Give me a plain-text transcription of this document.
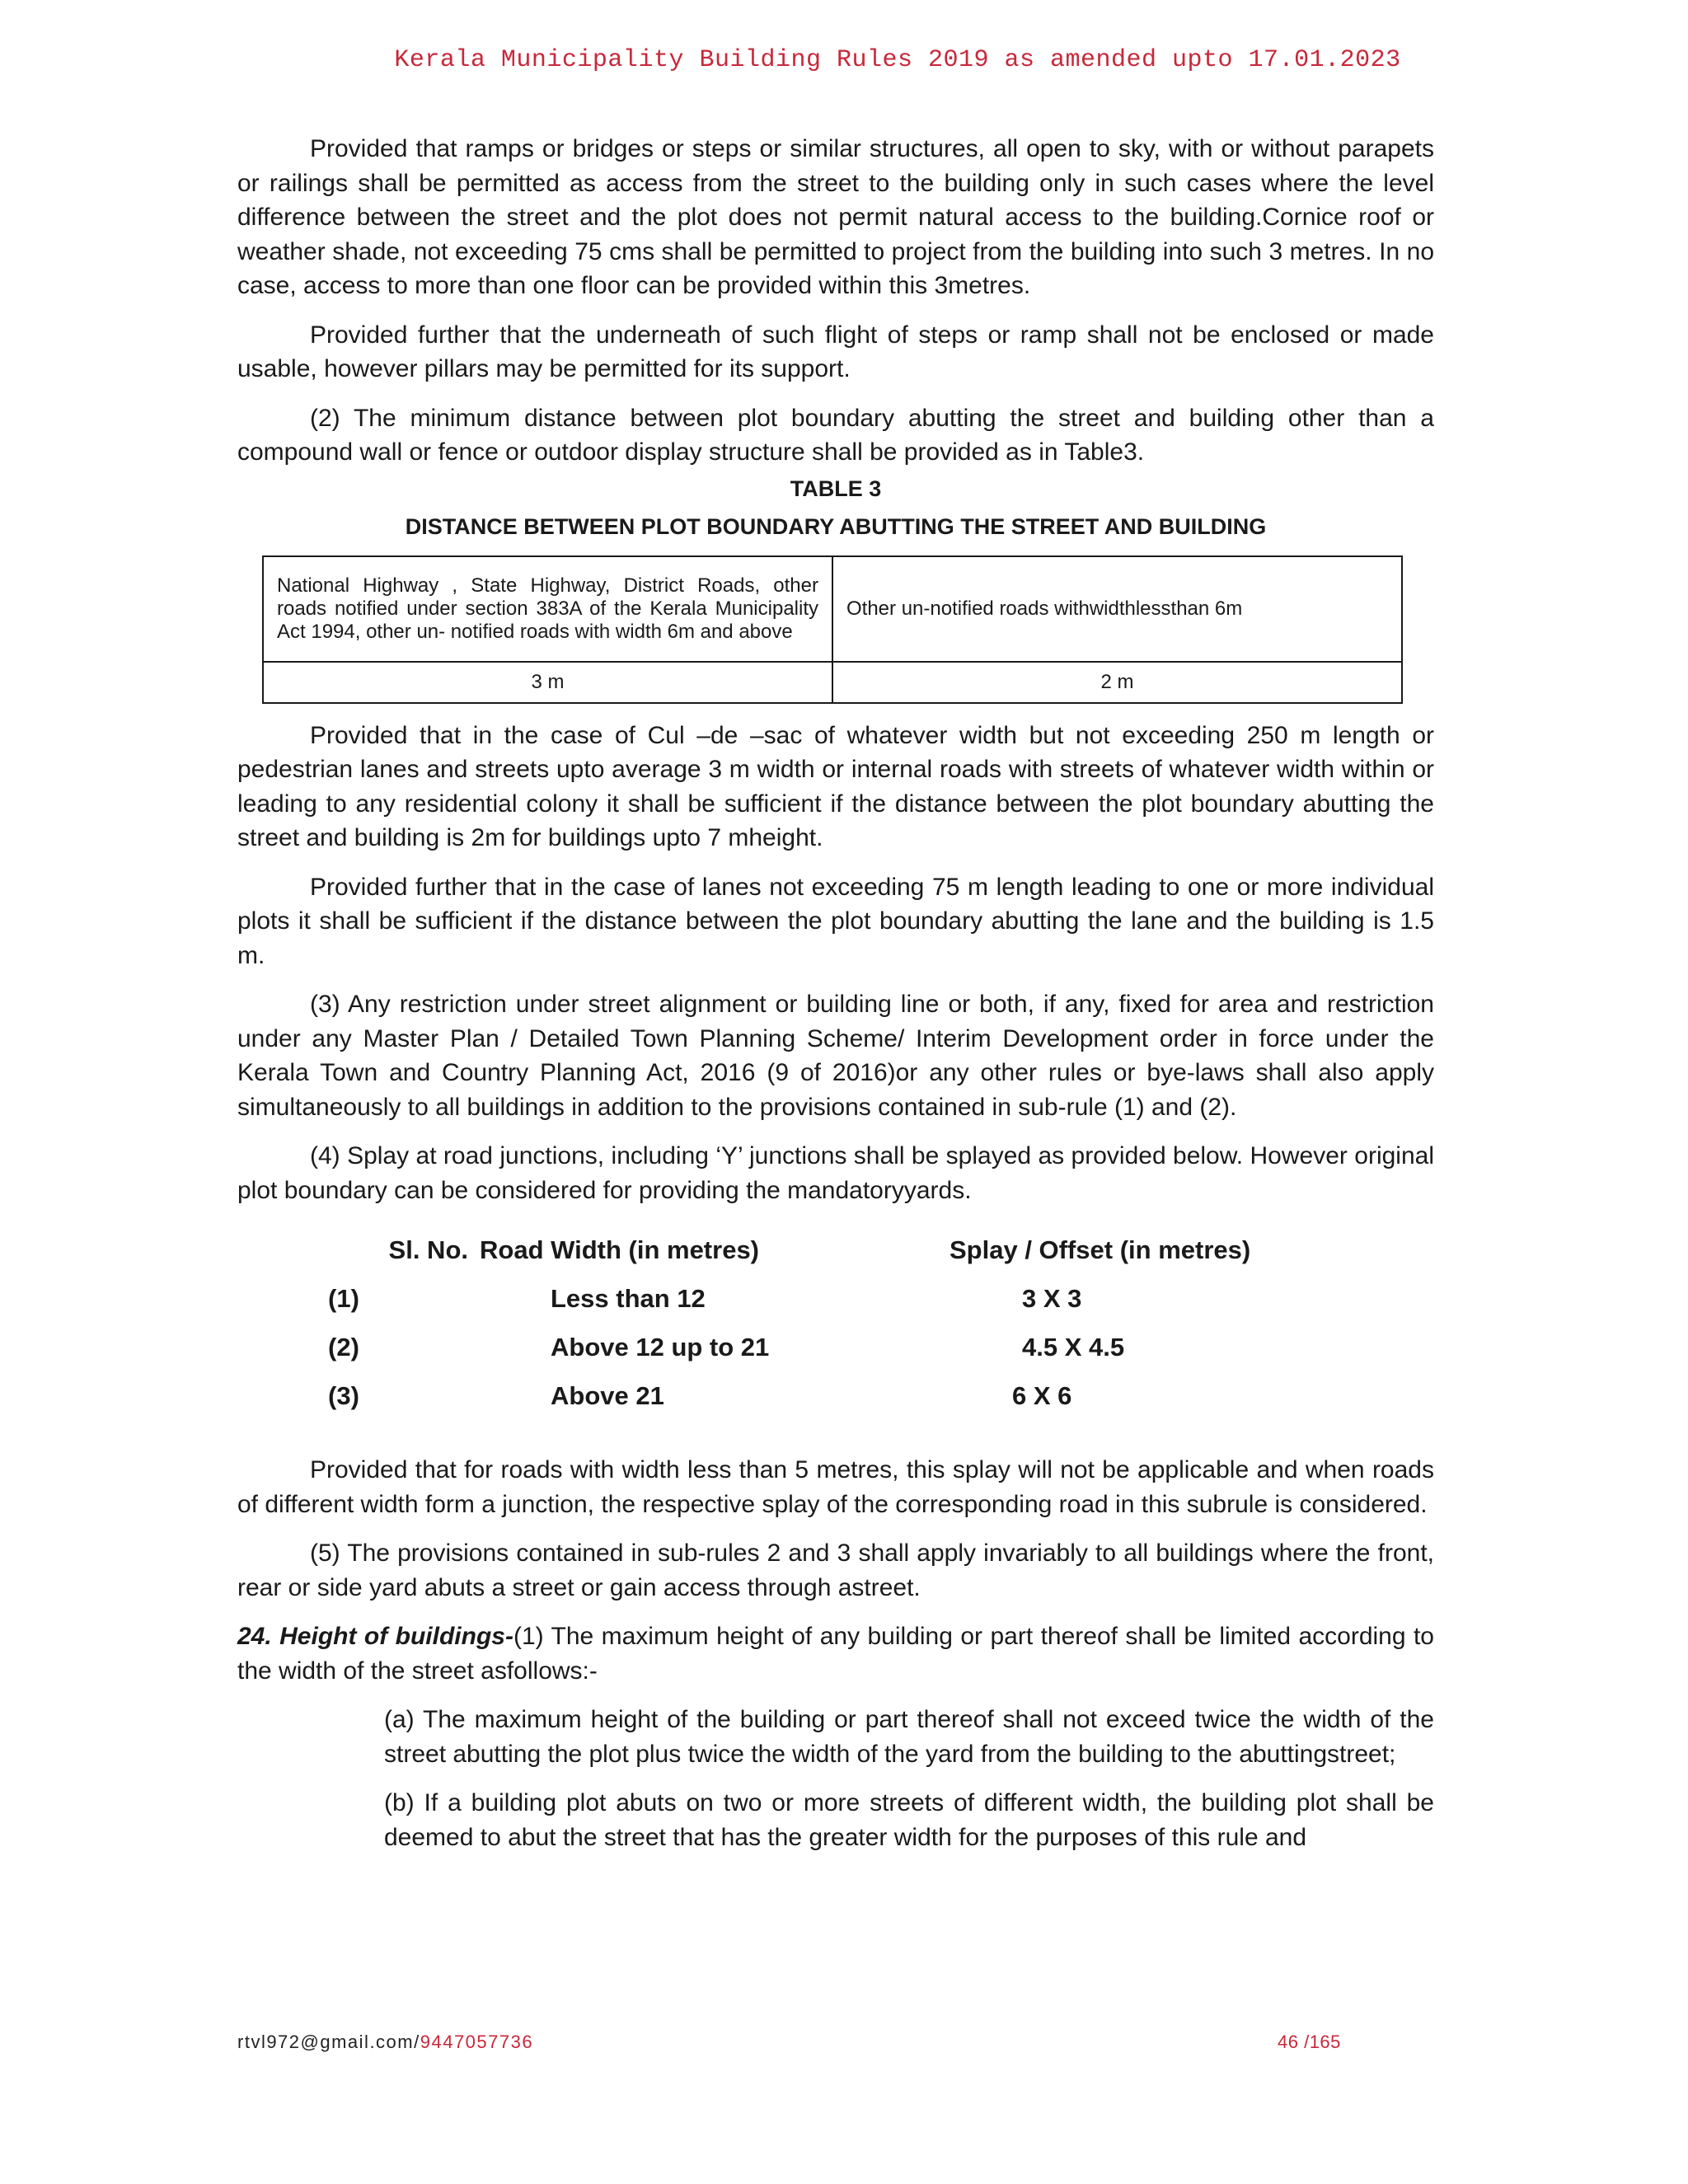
Kerala Municipality Building Rules 2019 as amended upto 17.01.2023

Provided that ramps or bridges or steps or similar structures, all open to sky, with or without parapets or railings shall be permitted as access from the street to the building only in such cases where the level difference between the street and the plot does not permit natural access to the building.Cornice roof or weather shade, not exceeding 75 cms shall be permitted to project from the building into such 3 metres. In no case, access to more than one floor can be provided within this 3metres.

Provided further that the underneath of such flight of steps or ramp shall not be enclosed or made usable, however pillars may be permitted for its support.

(2) The minimum distance between plot boundary abutting the street and building other than a compound wall or fence or outdoor display structure shall be provided as in Table3.

TABLE 3
DISTANCE BETWEEN PLOT BOUNDARY ABUTTING THE STREET AND BUILDING
National Highway , State Highway, District Roads, other roads notified under section 383A of the Kerala Municipality Act 1994, other un- notified roads with width 6m and above	Other un-notified roads withwidthlessthan 6m
3 m	2 m

Provided that in the case of Cul –de –sac of whatever width but not exceeding 250 m length or pedestrian lanes and streets upto average 3 m width or internal roads with streets of whatever width within or leading to any residential colony it shall be sufficient if the distance between the plot boundary abutting the street and building is 2m for buildings upto 7 mheight.

Provided further that in the case of lanes not exceeding 75 m length leading to one or more individual plots it shall be sufficient if the distance between the plot boundary abutting the lane and the building is 1.5 m.

(3) Any restriction under street alignment or building line or both, if any, fixed for area and restriction under any Master Plan / Detailed Town Planning Scheme/ Interim Development order in force under the Kerala Town and Country Planning Act, 2016 (9 of 2016)or any other rules or bye-laws shall also apply simultaneously to all buildings in addition to the provisions contained in sub-rule (1) and (2).

(4) Splay at road junctions, including ‘Y’ junctions shall be splayed as provided below. However original plot boundary can be considered for providing the mandatoryyards.

Sl. No. Road Width (in metres)	Splay / Offset (in metres)
(1)	Less than 12	3 X 3
(2)	Above 12 up to 21	4.5 X 4.5
(3)	Above 21	6 X 6

Provided that for roads with width less than 5 metres, this splay will not be applicable and when roads of different width form a junction, the respective splay of the corresponding road in this subrule is considered.

(5) The provisions contained in sub-rules 2 and 3 shall apply invariably to all buildings where the front, rear or side yard abuts a street or gain access through astreet.

24. Height of buildings-(1) The maximum height of any building or part thereof shall be limited according to the width of the street asfollows:-

(a) The maximum height of the building or part thereof shall not exceed twice the width of the street abutting the plot plus twice the width of the yard from the building to the abuttingstreet;

(b) If a building plot abuts on two or more streets of different width, the building plot shall be deemed to abut the street that has the greater width for the purposes of this rule and

rtvl972@gmail.com/9447057736	46 /165
